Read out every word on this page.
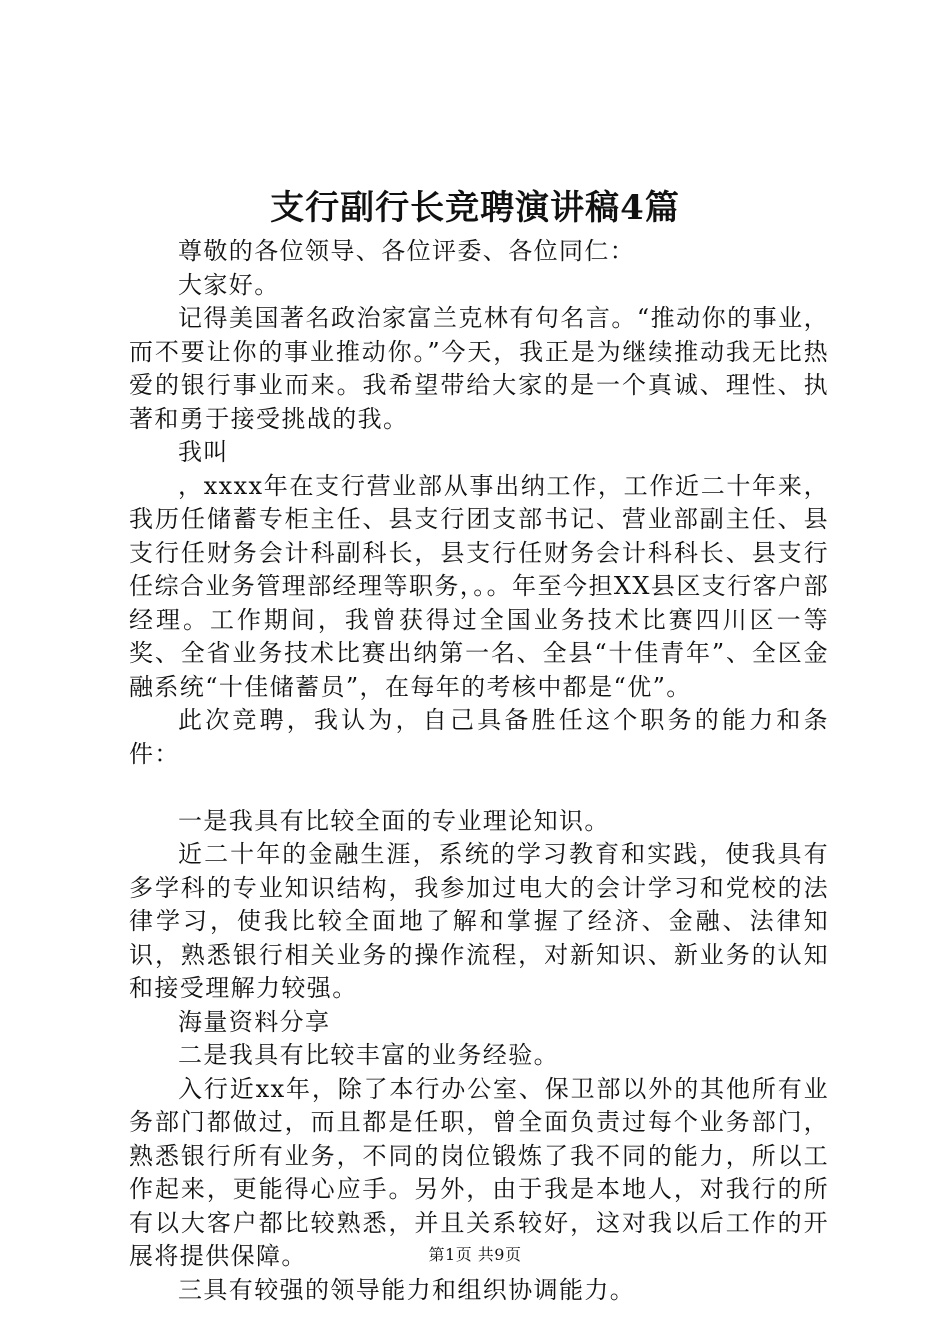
支行副行长竞聘演讲稿4篇

尊敬的各位领导、各位评委、各位同仁：

大家好。

记得美国著名政治家富兰克林有句名言。“推动你的事业，而不要让你的事业推动你。”今天，我正是为继续推动我无比热爱的银行事业而来。我希望带给大家的是一个真诚、理性、执著和勇于接受挑战的我。

我叫

，xxxx年在支行营业部从事出纳工作，工作近二十年来，我历任储蓄专柜主任、县支行团支部书记、营业部副主任、县支行任财务会计科副科长，县支行任财务会计科科长、县支行任综合业务管理部经理等职务，。。年至今担XX县区支行客户部经理。工作期间，我曾获得过全国业务技术比赛四川区一等奖、全省业务技术比赛出纳第一名、全县“十佳青年”、全区金融系统“十佳储蓄员”，在每年的考核中都是“优”。

此次竞聘，我认为，自己具备胜任这个职务的能力和条件：

一是我具有比较全面的专业理论知识。

近二十年的金融生涯，系统的学习教育和实践，使我具有多学科的专业知识结构，我参加过电大的会计学习和党校的法律学习，使我比较全面地了解和掌握了经济、金融、法律知识，熟悉银行相关业务的操作流程，对新知识、新业务的认知和接受理解力较强。

海量资料分享

二是我具有比较丰富的业务经验。

入行近xx年，除了本行办公室、保卫部以外的其他所有业务部门都做过，而且都是任职，曾全面负责过每个业务部门，熟悉银行所有业务，不同的岗位锻炼了我不同的能力，所以工作起来，更能得心应手。另外，由于我是本地人，对我行的所有以大客户都比较熟悉，并且关系较好，这对我以后工作的开展将提供保障。

三具有较强的领导能力和组织协调能力。

第1页 共9页
